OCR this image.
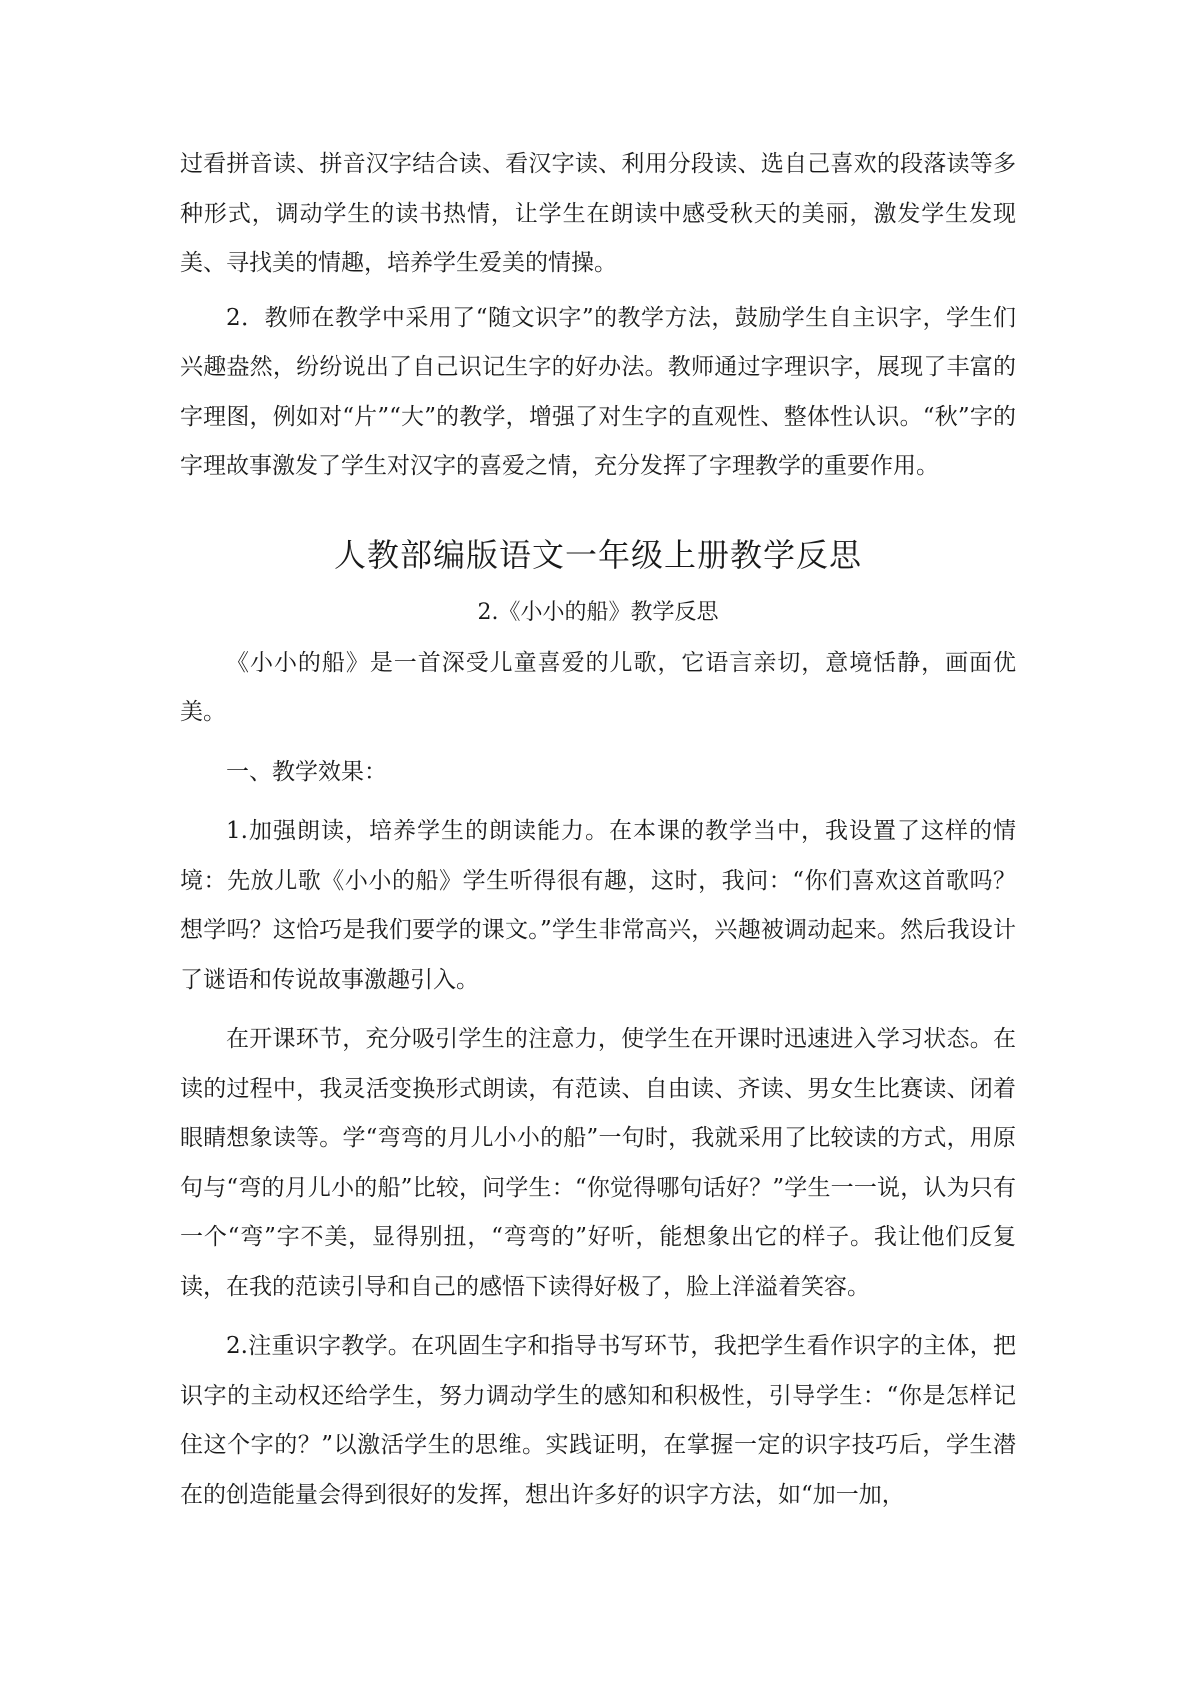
过看拼音读、拼音汉字结合读、看汉字读、利用分段读、选自己喜欢的段落读等多种形式，调动学生的读书热情，让学生在朗读中感受秋天的美丽，激发学生发现美、寻找美的情趣，培养学生爱美的情操。

2．教师在教学中采用了“随文识字”的教学方法，鼓励学生自主识字，学生们兴趣盎然，纷纷说出了自己识记生字的好办法。教师通过字理识字，展现了丰富的字理图，例如对“片”“大”的教学，增强了对生字的直观性、整体性认识。“秋”字的字理故事激发了学生对汉字的喜爱之情，充分发挥了字理教学的重要作用。

人教部编版语文一年级上册教学反思
2.《小小的船》教学反思

《小小的船》是一首深受儿童喜爱的儿歌，它语言亲切，意境恬静，画面优美。

一、教学效果：

1.加强朗读，培养学生的朗读能力。在本课的教学当中，我设置了这样的情境：先放儿歌《小小的船》学生听得很有趣，这时，我问：“你们喜欢这首歌吗？想学吗？这恰巧是我们要学的课文。”学生非常高兴，兴趣被调动起来。然后我设计了谜语和传说故事激趣引入。

在开课环节，充分吸引学生的注意力，使学生在开课时迅速进入学习状态。在读的过程中，我灵活变换形式朗读，有范读、自由读、齐读、男女生比赛读、闭着眼睛想象读等。学“弯弯的月儿小小的船”一句时，我就采用了比较读的方式，用原句与“弯的月儿小的船”比较，问学生：“你觉得哪句话好？”学生一一说，认为只有一个“弯”字不美，显得别扭，“弯弯的”好听，能想象出它的样子。我让他们反复读，在我的范读引导和自己的感悟下读得好极了，脸上洋溢着笑容。

2.注重识字教学。在巩固生字和指导书写环节，我把学生看作识字的主体，把识字的主动权还给学生，努力调动学生的感知和积极性，引导学生：“你是怎样记住这个字的？”以激活学生的思维。实践证明，在掌握一定的识字技巧后，学生潜在的创造能量会得到很好的发挥，想出许多好的识字方法，如“加一加，
